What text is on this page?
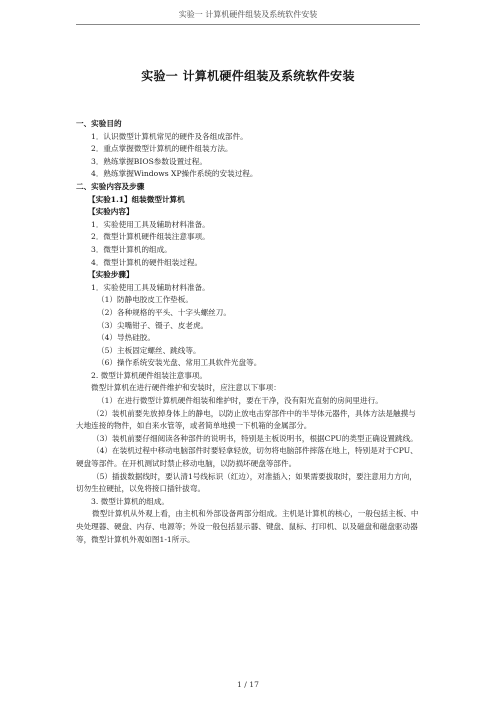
实验一 计算机硬件组装及系统软件安装
实验一 计算机硬件组装及系统软件安装

一、实验目的

1．认识微型计算机常见的硬件及各组成部件。

2．重点掌握微型计算机的硬件组装方法。

3．熟练掌握BIOS参数设置过程。

4．熟练掌握Windows XP操作系统的安装过程。

二、实验内容及步骤

【实验1.1】组装微型计算机

【实验内容】

1．实验使用工具及辅助材料准备。

2．微型计算机硬件组装注意事项。

3．微型计算机的组成。

4．微型计算机的硬件组装过程。

【实验步骤】

1．实验使用工具及辅助材料准备。

（1）防静电胶皮工作垫板。

（2）各种规格的平头、十字头螺丝刀。

（3）尖嘴钳子、镊子、皮老虎。

（4）导热硅胶。

（5）主板固定螺丝、跳线等。

（6）操作系统安装光盘、常用工具软件光盘等。

2. 微型计算机硬件组装注意事项。

微型计算机在进行硬件维护和安装时，应注意以下事项：

（1）在进行微型计算机硬件组装和维护时，要在干净，没有阳光直射的房间里进行。

（2）装机前要先放掉身体上的静电，以防止放电击穿部件中的半导体元器件，具体方法是触摸与大地连接的物件，如自来水管等，或者简单地摸一下机箱的金属部分。

（3）装机前要仔细阅读各种部件的说明书，特别是主板说明书，根据CPU的类型正确设置跳线。

（4）在装机过程中移动电脑部件时要轻拿轻放，切勿将电脑部件摔落在地上，特别是对于CPU、硬盘等部件。在开机测试时禁止移动电脑，以防损坏硬盘等部件。

（5）插拔数据线时，要认清1号线标识（红边），对准插入；如果需要拔取时，要注意用力方向，切勿生拉硬扯，以免将接口插针拔弯。

3. 微型计算机的组成。

微型计算机从外观上看，由主机和外部设备两部分组成。主机是计算机的核心，一般包括主板、中央处理器、硬盘、内存、电源等；外设一般包括显示器、键盘、鼠标、打印机、以及磁盘和磁盘驱动器等，微型计算机外观如图1-1所示。

1 / 17
